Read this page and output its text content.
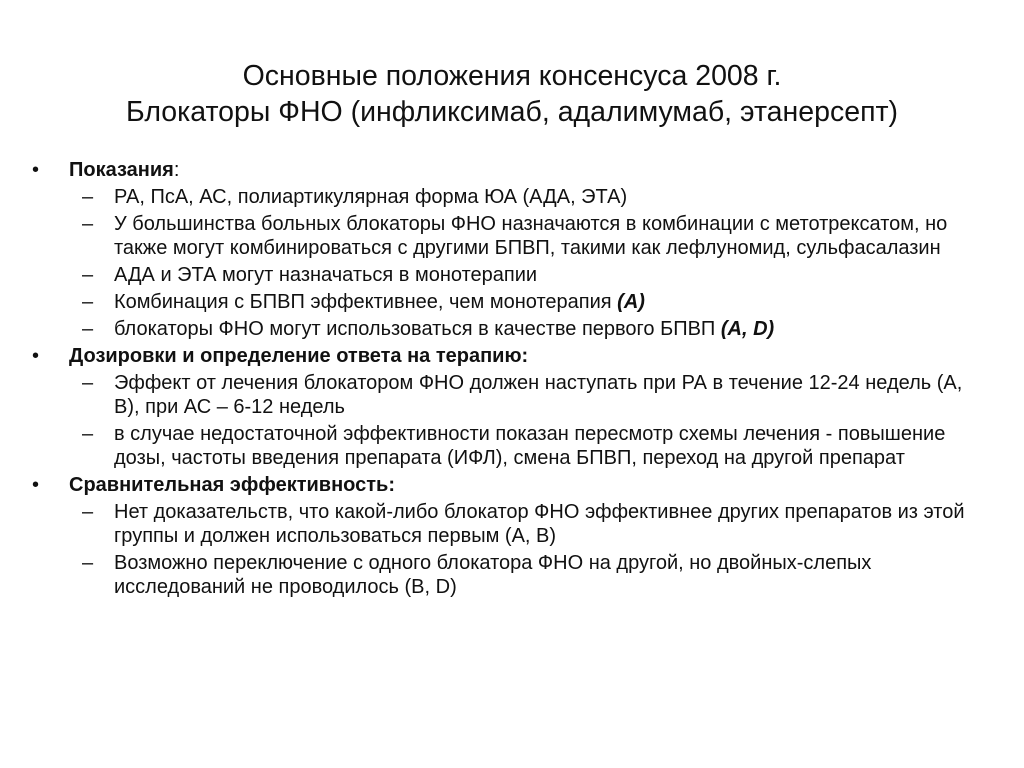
Основные положения консенсуса 2008 г.
Блокаторы ФНО (инфликсимаб, адалимумаб, этанерсепт)
• Показания:
– РА, ПсА, АС, полиартикулярная форма ЮА (АДА, ЭТА)
– У большинства больных блокаторы ФНО назначаются в комбинации с метотрексатом, но также могут комбинироваться с другими БПВП, такими как лефлуномид, сульфасалазин
– АДА и ЭТА могут назначаться в монотерапии
– Комбинация с БПВП эффективнее, чем монотерапия (А)
– блокаторы ФНО могут использоваться в качестве первого БПВП (А, D)
• Дозировки и определение ответа на терапию:
– Эффект от лечения блокатором ФНО должен наступать при РА в течение 12-24 недель (А, В), при АС – 6-12 недель
– в случае недостаточной эффективности показан пересмотр схемы лечения - повышение дозы, частоты введения препарата (ИФЛ), смена БПВП, переход на другой препарат
• Сравнительная эффективность:
– Нет доказательств, что какой-либо блокатор ФНО эффективнее других препаратов из этой группы и должен использоваться первым (А, В)
– Возможно переключение с одного блокатора ФНО на другой, но двойных-слепых исследований не проводилось (В, D)
